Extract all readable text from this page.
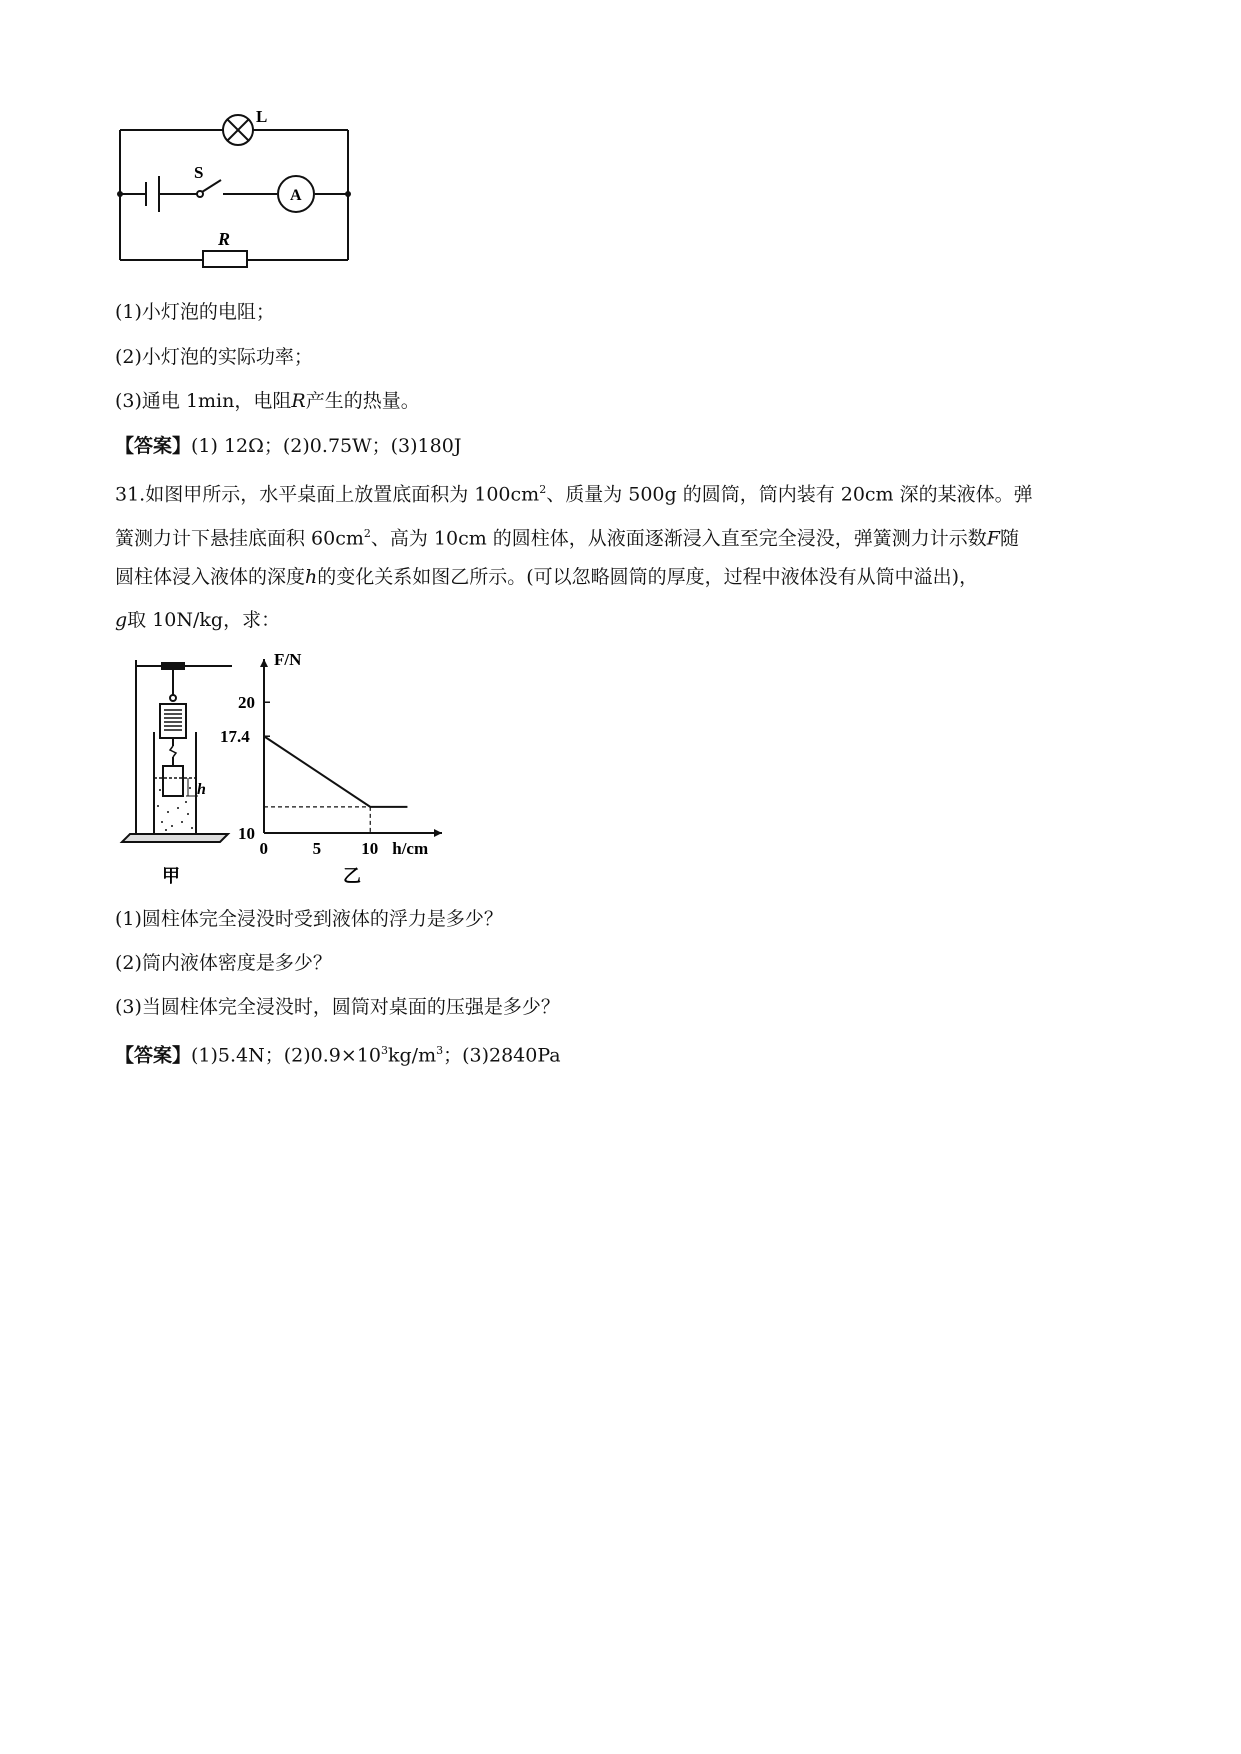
L
S
A
R
(1)小灯泡的电阻；
(2)小灯泡的实际功率；
(3)通电 1min，电阻R产生的热量。
【答案】(1) 12Ω；(2)0.75W；(3)180J
31.如图甲所示，水平桌面上放置底面积为 $100cm^2$、质量为 500g 的圆筒，筒内装有 20cm 深的某液体。弹
簧测力计下悬挂底面积 $60cm^2$、高为 10cm 的圆柱体，从液面逐渐浸入直至完全浸没，弹簧测力计示数F随
圆柱体浸入液体的深度h的变化关系如图乙所示。(可以忽略圆筒的厚度，过程中液体没有从筒中溢出)，
g取 10N/kg，求：
h
甲
F/N
h/cm
0	5 10
10
17.4
20
乙
(1)圆柱体完全浸没时受到液体的浮力是多少？
(2)筒内液体密度是多少？
(3)当圆柱体完全浸没时，圆筒对桌面的压强是多少？
【答案】(1)5.4N；$(2)0.9\times 10^3kg/m^3$；(3)2840Pa
